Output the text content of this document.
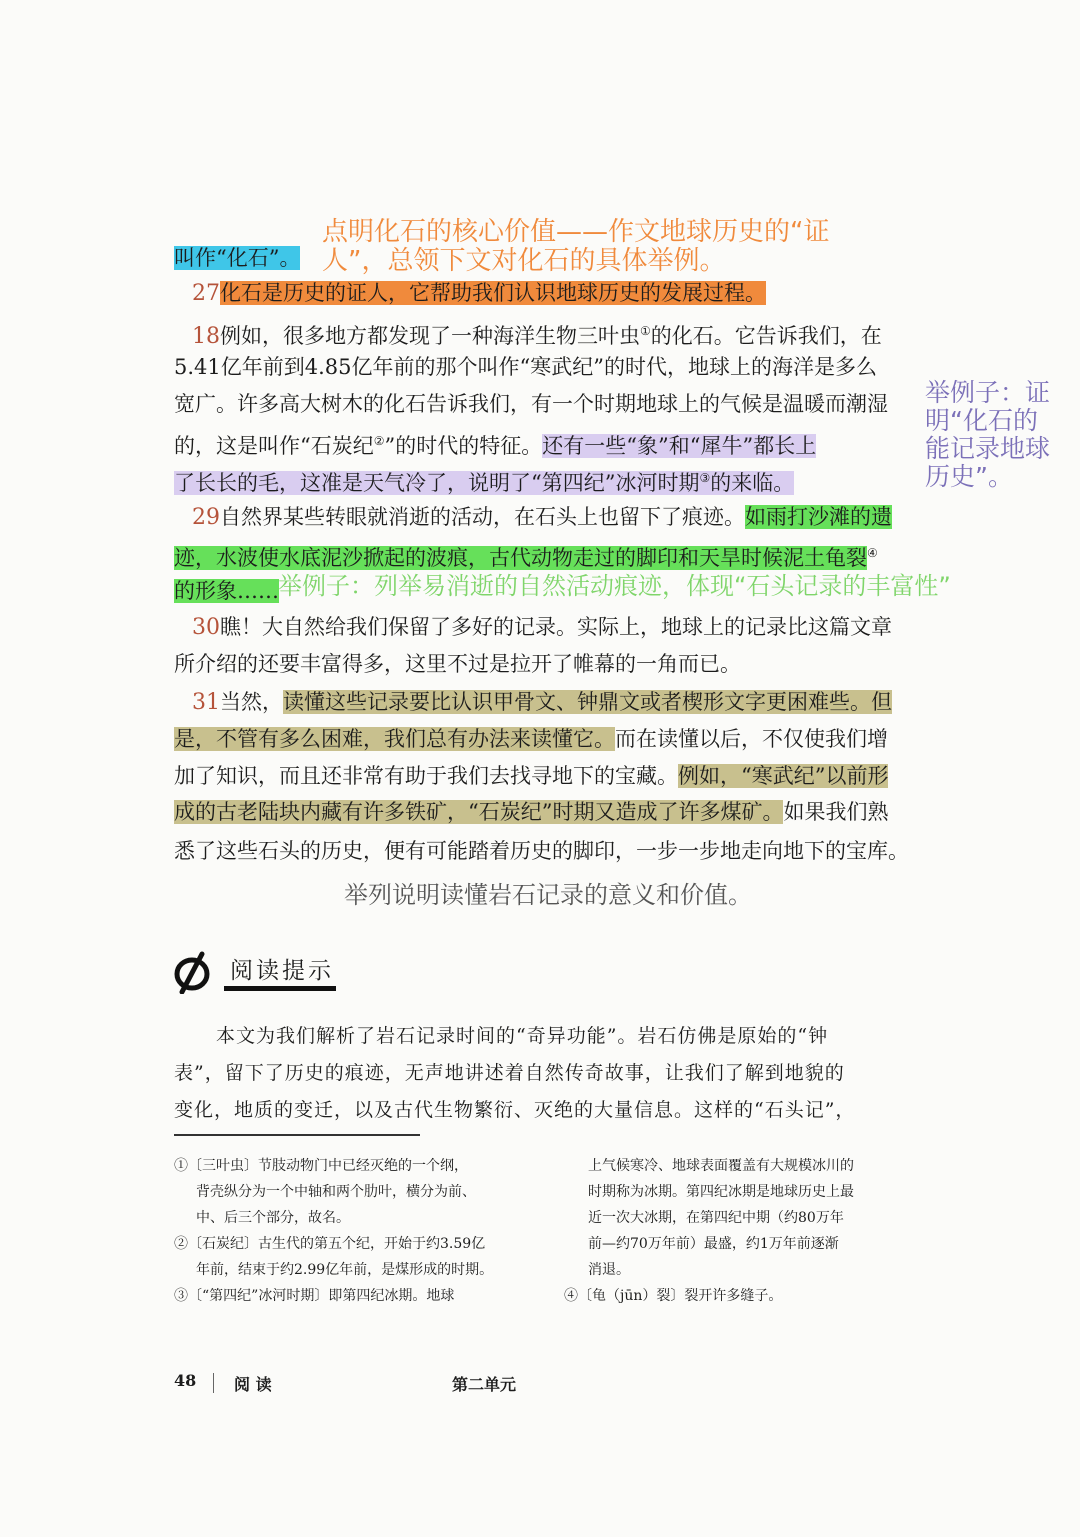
点明化石的核心价值——作文地球历史的“证
人”，总领下文对化石的具体举例。
叫作“化石”。
27化石是历史的证人，它帮助我们认识地球历史的发展过程。
18例如，很多地方都发现了一种海洋生物三叶虫①的化石。它告诉我们，在
5.41亿年前到4.85亿年前的那个叫作“寒武纪”的时代，地球上的海洋是多么
宽广。许多高大树木的化石告诉我们，有一个时期地球上的气候是温暖而潮湿
的，这是叫作“石炭纪②”的时代的特征。还有一些“象”和“犀牛”都长上
了长长的毛，这准是天气冷了，说明了“第四纪”冰河时期③的来临。
举例子：证
明“化石的
能记录地球
历史”。
29自然界某些转眼就消逝的活动，在石头上也留下了痕迹。如雨打沙滩的遗
迹，水波使水底泥沙掀起的波痕，古代动物走过的脚印和天旱时候泥土龟裂④
的形象…… 举例子：列举易消逝的自然活动痕迹，体现“石头记录的丰富性”
30瞧！大自然给我们保留了多好的记录。实际上，地球上的记录比这篇文章
所介绍的还要丰富得多，这里不过是拉开了帷幕的一角而已。
31当然，读懂这些记录要比认识甲骨文、钟鼎文或者楔形文字更困难些。但
是，不管有多么困难，我们总有办法来读懂它。而在读懂以后，不仅使我们增
加了知识，而且还非常有助于我们去找寻地下的宝藏。例如，“寒武纪”以前形
成的古老陆块内藏有许多铁矿，“石炭纪”时期又造成了许多煤矿。如果我们熟
悉了这些石头的历史，便有可能踏着历史的脚印，一步一步地走向地下的宝库。
举列说明读懂岩石记录的意义和价值。
阅读提示
本文为我们解析了岩石记录时间的“奇异功能”。岩石仿佛是原始的“钟
表”，留下了历史的痕迹，无声地讲述着自然传奇故事，让我们了解到地貌的
变化，地质的变迁，以及古代生物繁衍、灭绝的大量信息。这样的“石头记”，
①〔三叶虫〕节肢动物门中已经灭绝的一个纲，
背壳纵分为一个中轴和两个肋叶，横分为前、
中、后三个部分，故名。
②〔石炭纪〕古生代的第五个纪，开始于约3.59亿
年前，结束于约2.99亿年前，是煤形成的时期。
③〔“第四纪”冰河时期〕即第四纪冰期。地球
上气候寒冷、地球表面覆盖有大规模冰川的
时期称为冰期。第四纪冰期是地球历史上最
近一次大冰期，在第四纪中期（约80万年
前—约70万年前）最盛，约1万年前逐渐
消退。
④〔龟（jūn）裂〕裂开许多缝子。
48 阅 读	第二单元
